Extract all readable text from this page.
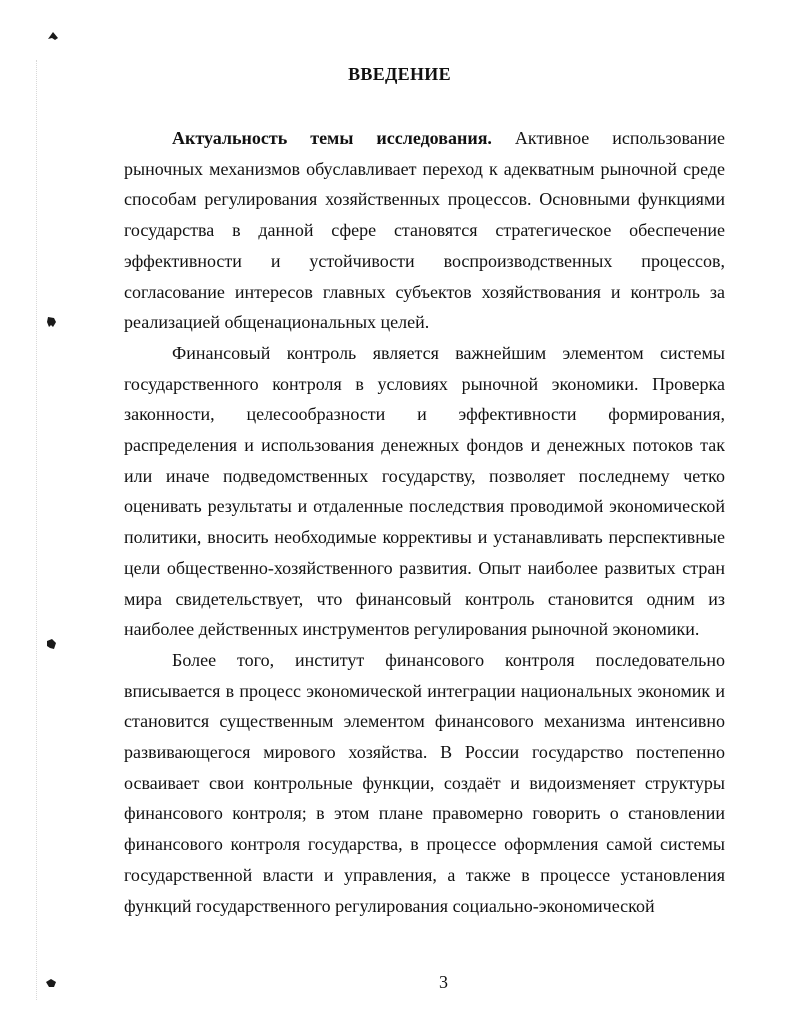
ВВЕДЕНИЕ

Актуальность темы исследования. Активное использование рыночных механизмов обуславливает переход к адекватным рыночной среде способам регулирования хозяйственных процессов. Основными функциями государства в данной сфере становятся стратегическое обеспечение эффективности и устойчивости воспроизводственных процессов, согласование интересов главных субъектов хозяйствования и контроль за реализацией общенациональных целей.

Финансовый контроль является важнейшим элементом системы государственного контроля в условиях рыночной экономики. Проверка законности, целесообразности и эффективности формирования, распределения и использования денежных фондов и денежных потоков так или иначе подведомственных государству, позволяет последнему четко оценивать результаты и отдаленные последствия проводимой экономической политики, вносить необходимые коррективы и устанавливать перспективные цели общественно-хозяйственного развития. Опыт наиболее развитых стран мира свидетельствует, что финансовый контроль становится одним из наиболее действенных инструментов регулирования рыночной экономики.

Более того, институт финансового контроля последовательно вписывается в процесс экономической интеграции национальных экономик и становится существенным элементом финансового механизма интенсивно развивающегося мирового хозяйства. В России государство постепенно осваивает свои контрольные функции, создаёт и видоизменяет структуры финансового контроля; в этом плане правомерно говорить о становлении финансового контроля государства, в процессе оформления самой системы государственной власти и управления, а также в процессе установления функций государственного регулирования социально-экономической

3
